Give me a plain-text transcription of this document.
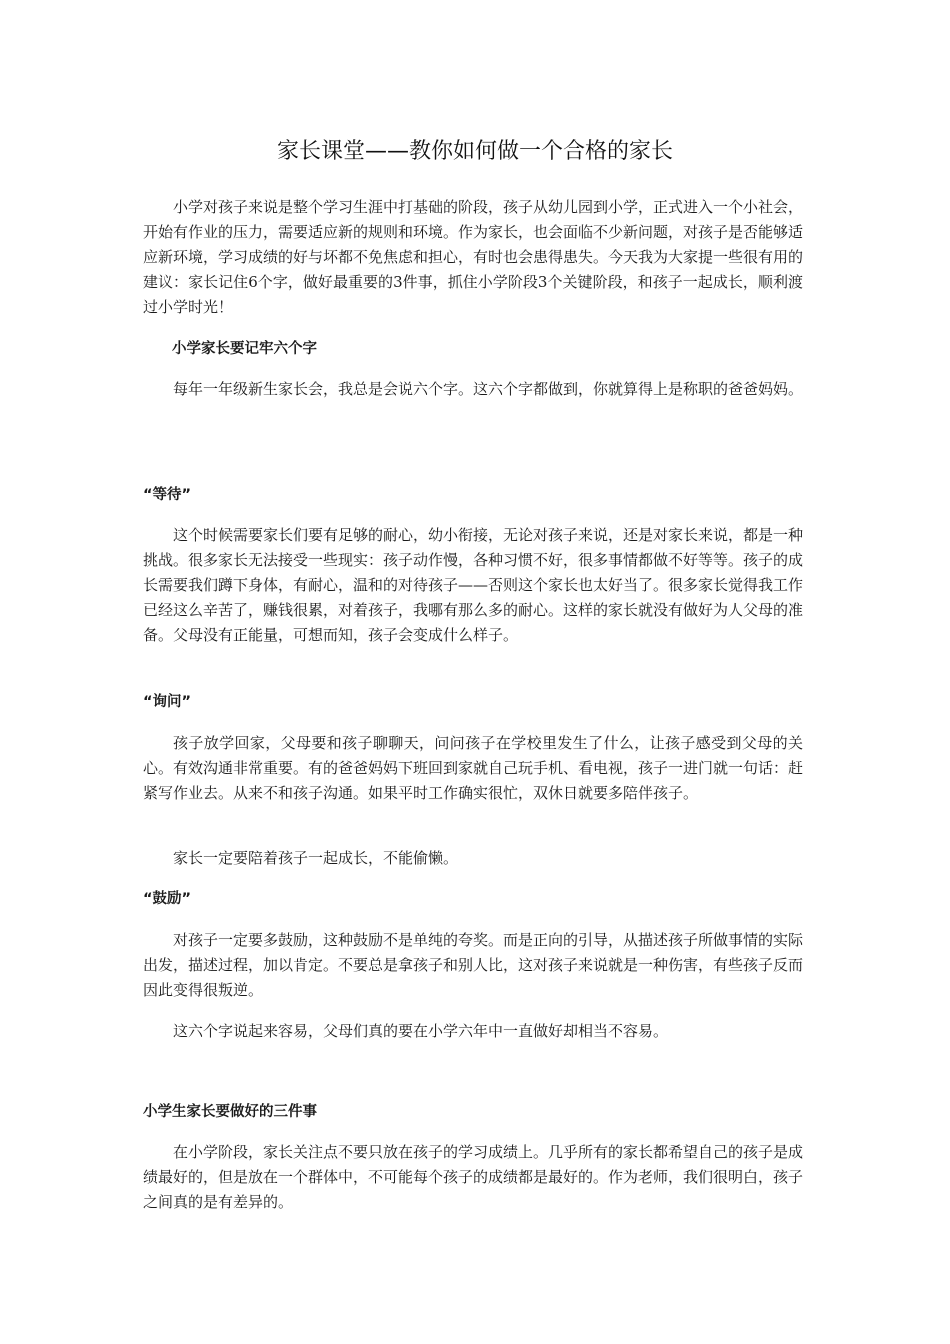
家长课堂——教你如何做一个合格的家长

小学对孩子来说是整个学习生涯中打基础的阶段，孩子从幼儿园到小学，正式进入一个小社会，开始有作业的压力，需要适应新的规则和环境。作为家长，也会面临不少新问题，对孩子是否能够适应新环境，学习成绩的好与坏都不免焦虑和担心，有时也会患得患失。今天我为大家提一些很有用的建议：家长记住6个字，做好最重要的3件事，抓住小学阶段3个关键阶段，和孩子一起成长，顺利渡过小学时光！

小学家长要记牢六个字

每年一年级新生家长会，我总是会说六个字。这六个字都做到，你就算得上是称职的爸爸妈妈。

“等待”

这个时候需要家长们要有足够的耐心，幼小衔接，无论对孩子来说，还是对家长来说，都是一种挑战。很多家长无法接受一些现实：孩子动作慢，各种习惯不好，很多事情都做不好等等。孩子的成长需要我们蹲下身体，有耐心，温和的对待孩子——否则这个家长也太好当了。很多家长觉得我工作已经这么辛苦了，赚钱很累，对着孩子，我哪有那么多的耐心。这样的家长就没有做好为人父母的准备。父母没有正能量，可想而知，孩子会变成什么样子。

“询问”

孩子放学回家，父母要和孩子聊聊天，问问孩子在学校里发生了什么，让孩子感受到父母的关心。有效沟通非常重要。有的爸爸妈妈下班回到家就自己玩手机、看电视，孩子一进门就一句话：赶紧写作业去。从来不和孩子沟通。如果平时工作确实很忙，双休日就要多陪伴孩子。

家长一定要陪着孩子一起成长，不能偷懒。

“鼓励”

对孩子一定要多鼓励，这种鼓励不是单纯的夸奖。而是正向的引导，从描述孩子所做事情的实际出发，描述过程，加以肯定。不要总是拿孩子和别人比，这对孩子来说就是一种伤害，有些孩子反而因此变得很叛逆。

这六个字说起来容易，父母们真的要在小学六年中一直做好却相当不容易。

小学生家长要做好的三件事

在小学阶段，家长关注点不要只放在孩子的学习成绩上。几乎所有的家长都希望自己的孩子是成绩最好的，但是放在一个群体中，不可能每个孩子的成绩都是最好的。作为老师，我们很明白，孩子之间真的是有差异的。
